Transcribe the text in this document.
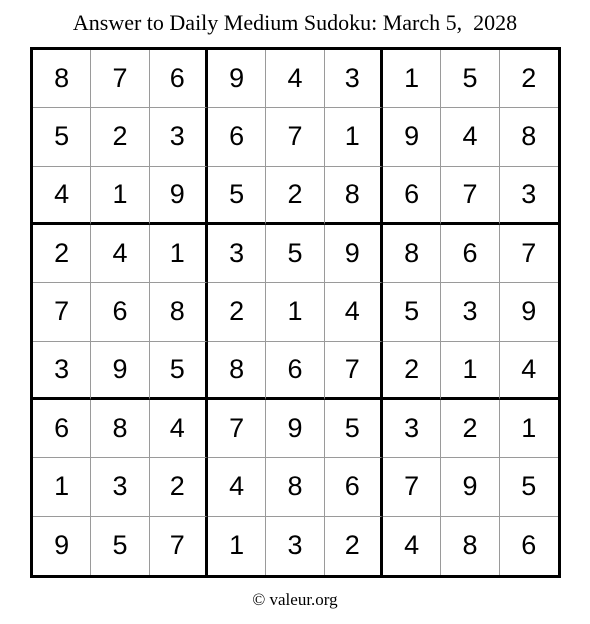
Answer to Daily Medium Sudoku: March 5,  2028
8	7	6	9	4	3	1	5	2
5	2	3	6	7	1	9	4	8
4	1	9	5	2	8	6	7	3
2	4	1	3	5	9	8	6	7
7	6	8	2	1	4	5	3	9
3	9	5	8	6	7	2	1	4
6	8	4	7	9	5	3	2	1
1	3	2	4	8	6	7	9	5
9	5	7	1	3	2	4	8	6
© valeur.org
